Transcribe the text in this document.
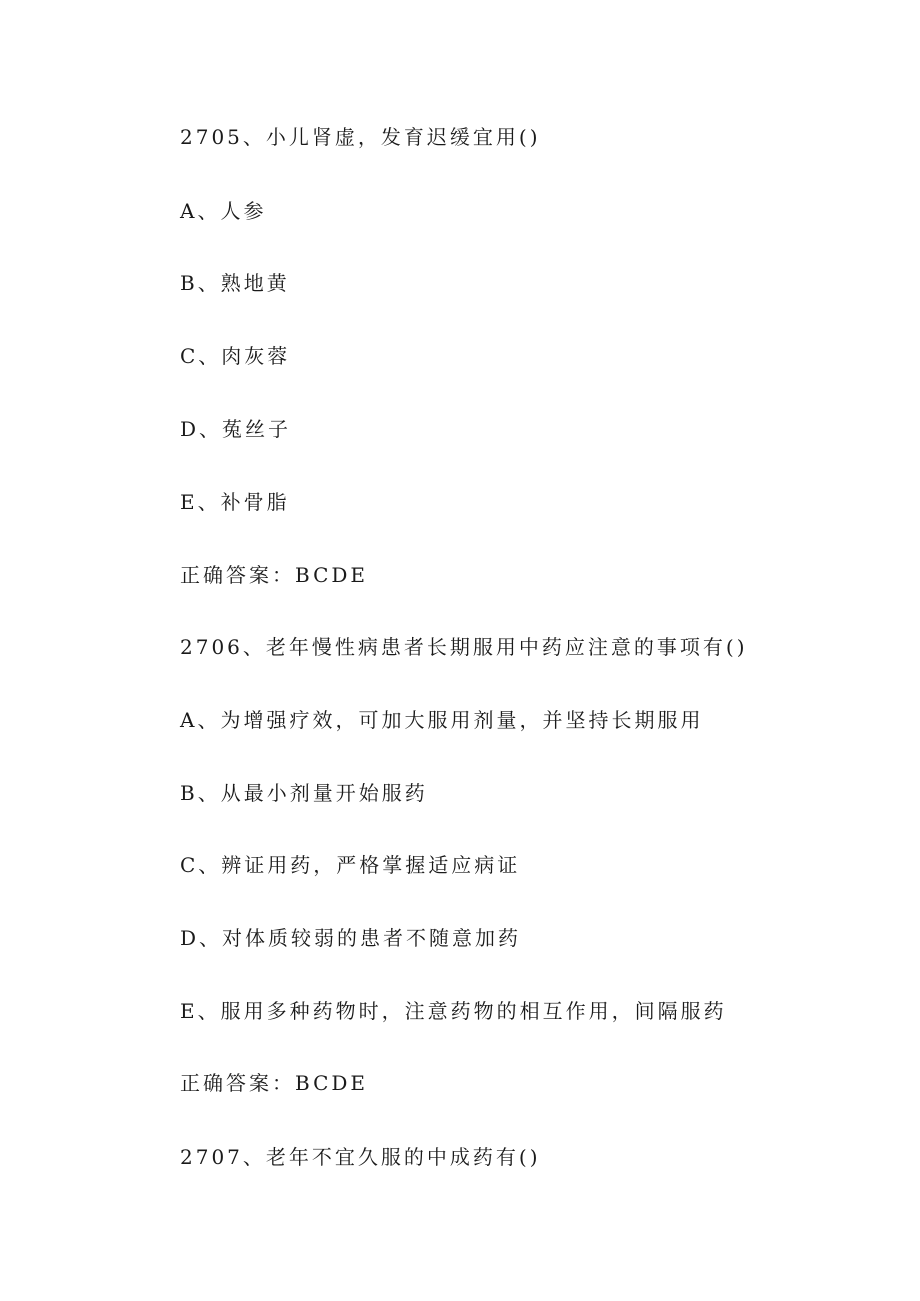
2705、小儿肾虚，发育迟缓宜用()
A、人参
B、熟地黄
C、肉灰蓉
D、菟丝子
E、补骨脂
正确答案：BCDE
2706、老年慢性病患者长期服用中药应注意的事项有()
A、为增强疗效，可加大服用剂量，并坚持长期服用
B、从最小剂量开始服药
C、辨证用药，严格掌握适应病证
D、对体质较弱的患者不随意加药
E、服用多种药物时，注意药物的相互作用，间隔服药
正确答案：BCDE
2707、老年不宜久服的中成药有()
